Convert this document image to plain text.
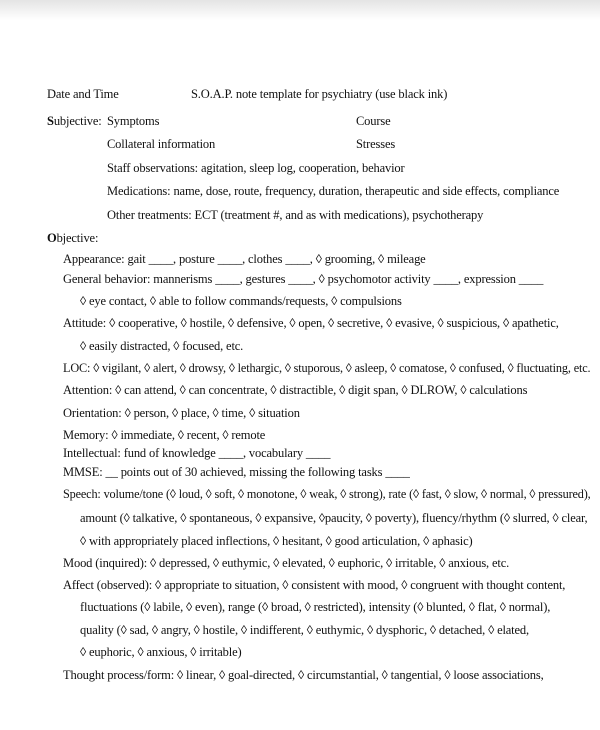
Date and Time	S.O.A.P. note template for psychiatry (use black ink)
Subjective: Symptoms	Course
Collateral information	Stresses
Staff observations: agitation, sleep log, cooperation, behavior
Medications: name, dose, route, frequency, duration, therapeutic and side effects, compliance
Other treatments: ECT (treatment #, and as with medications), psychotherapy
Objective:
Appearance: gait ____, posture ____, clothes ____, ◊ grooming, ◊ mileage
General behavior: mannerisms ____, gestures ____, ◊ psychomotor activity ____, expression ____
◊ eye contact, ◊ able to follow commands/requests, ◊ compulsions
Attitude: ◊ cooperative, ◊ hostile, ◊ defensive, ◊ open, ◊ secretive, ◊ evasive, ◊ suspicious, ◊ apathetic,
◊ easily distracted, ◊ focused, etc.
LOC: ◊ vigilant, ◊ alert, ◊ drowsy, ◊ lethargic, ◊ stuporous, ◊ asleep, ◊ comatose, ◊ confused, ◊ fluctuating, etc.
Attention: ◊ can attend, ◊ can concentrate, ◊ distractible, ◊ digit span, ◊ DLROW, ◊ calculations
Orientation: ◊ person, ◊ place, ◊ time, ◊ situation
Memory: ◊ immediate, ◊ recent, ◊ remote
Intellectual: fund of knowledge ____, vocabulary ____
MMSE: __ points out of 30 achieved, missing the following tasks ____
Speech: volume/tone (◊ loud, ◊ soft, ◊ monotone, ◊ weak, ◊ strong), rate (◊ fast, ◊ slow, ◊ normal, ◊ pressured),
amount (◊ talkative, ◊ spontaneous, ◊ expansive, ◊paucity, ◊ poverty), fluency/rhythm (◊ slurred, ◊ clear,
◊ with appropriately placed inflections, ◊ hesitant, ◊ good articulation, ◊ aphasic)
Mood (inquired): ◊ depressed, ◊ euthymic, ◊ elevated, ◊ euphoric, ◊ irritable, ◊ anxious, etc.
Affect (observed): ◊ appropriate to situation, ◊ consistent with mood, ◊ congruent with thought content,
fluctuations (◊ labile, ◊ even), range (◊ broad, ◊ restricted), intensity (◊ blunted, ◊ flat, ◊ normal),
quality (◊ sad, ◊ angry, ◊ hostile, ◊ indifferent, ◊ euthymic, ◊ dysphoric, ◊ detached, ◊ elated,
◊ euphoric, ◊ anxious, ◊ irritable)
Thought process/form: ◊ linear, ◊ goal-directed, ◊ circumstantial, ◊ tangential, ◊ loose associations,
